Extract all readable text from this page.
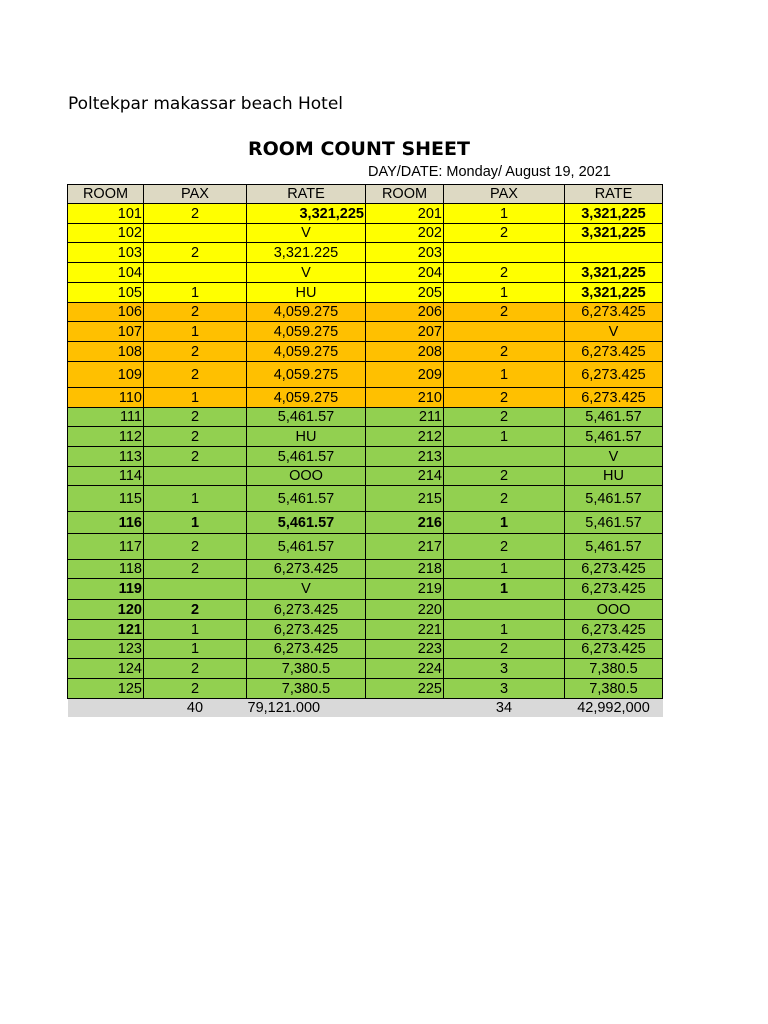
Poltekpar makassar beach Hotel
ROOM COUNT SHEET
DAY/DATE: Monday/ August 19, 2021
ROOM	PAX	RATE	ROOM	PAX	RATE
101	2	3,321,225	201	1	3,321,225
102		V	202	2	3,321,225
103	2	3,321.225	203		
104		V	204	2	3,321,225
105	1	HU	205	1	3,321,225
106	2	4,059.275	206	2	6,273.425
107	1	4,059.275	207		V
108	2	4,059.275	208	2	6,273.425
109	2	4,059.275	209	1	6,273.425
110	1	4,059.275	210	2	6,273.425
111	2	5,461.57	211	2	5,461.57
112	2	HU	212	1	5,461.57
113	2	5,461.57	213		V
114		OOO	214	2	HU
115	1	5,461.57	215	2	5,461.57
116	1	5,461.57	216	1	5,461.57
117	2	5,461.57	217	2	5,461.57
118	2	6,273.425	218	1	6,273.425
119		V	219	1	6,273.425
120	2	6,273.425	220		OOO
121	1	6,273.425	221	1	6,273.425
123	1	6,273.425	223	2	6,273.425
124	2	7,380.5	224	3	7,380.5
125	2	7,380.5	225	3	7,380.5
	40	79,121.000		34	42,992,000
